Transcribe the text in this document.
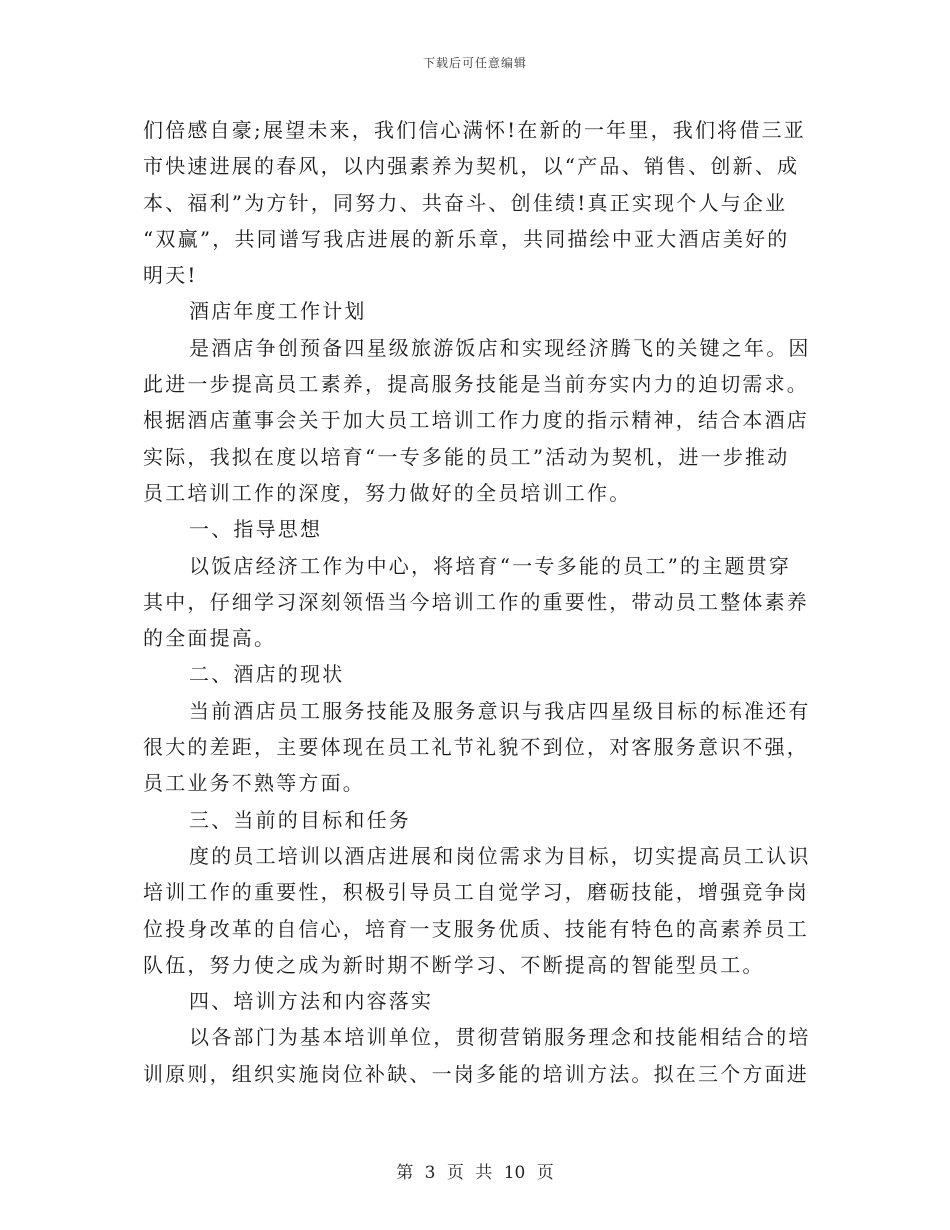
下载后可任意编辑
们倍感自豪;展望未来，我们信心满怀!在新的一年里，我们将借三亚
市快速进展的春风，以内强素养为契机，以“产品、销售、创新、成
本、福利”为方针，同努力、共奋斗、创佳绩!真正实现个人与企业
“双赢”，共同谱写我店进展的新乐章，共同描绘中亚大酒店美好的
明天!
酒店年度工作计划
是酒店争创预备四星级旅游饭店和实现经济腾飞的关键之年。因
此进一步提高员工素养，提高服务技能是当前夯实内力的迫切需求。
根据酒店董事会关于加大员工培训工作力度的指示精神，结合本酒店
实际，我拟在度以培育“一专多能的员工”活动为契机，进一步推动
员工培训工作的深度，努力做好的全员培训工作。
一、指导思想
以饭店经济工作为中心，将培育“一专多能的员工”的主题贯穿
其中，仔细学习深刻领悟当今培训工作的重要性，带动员工整体素养
的全面提高。
二、酒店的现状
当前酒店员工服务技能及服务意识与我店四星级目标的标准还有
很大的差距，主要体现在员工礼节礼貌不到位，对客服务意识不强，
员工业务不熟等方面。
三、当前的目标和任务
度的员工培训以酒店进展和岗位需求为目标，切实提高员工认识
培训工作的重要性，积极引导员工自觉学习，磨砺技能，增强竞争岗
位投身改革的自信心，培育一支服务优质、技能有特色的高素养员工
队伍，努力使之成为新时期不断学习、不断提高的智能型员工。
四、培训方法和内容落实
以各部门为基本培训单位，贯彻营销服务理念和技能相结合的培
训原则，组织实施岗位补缺、一岗多能的培训方法。拟在三个方面进
第 3 页 共 10 页
